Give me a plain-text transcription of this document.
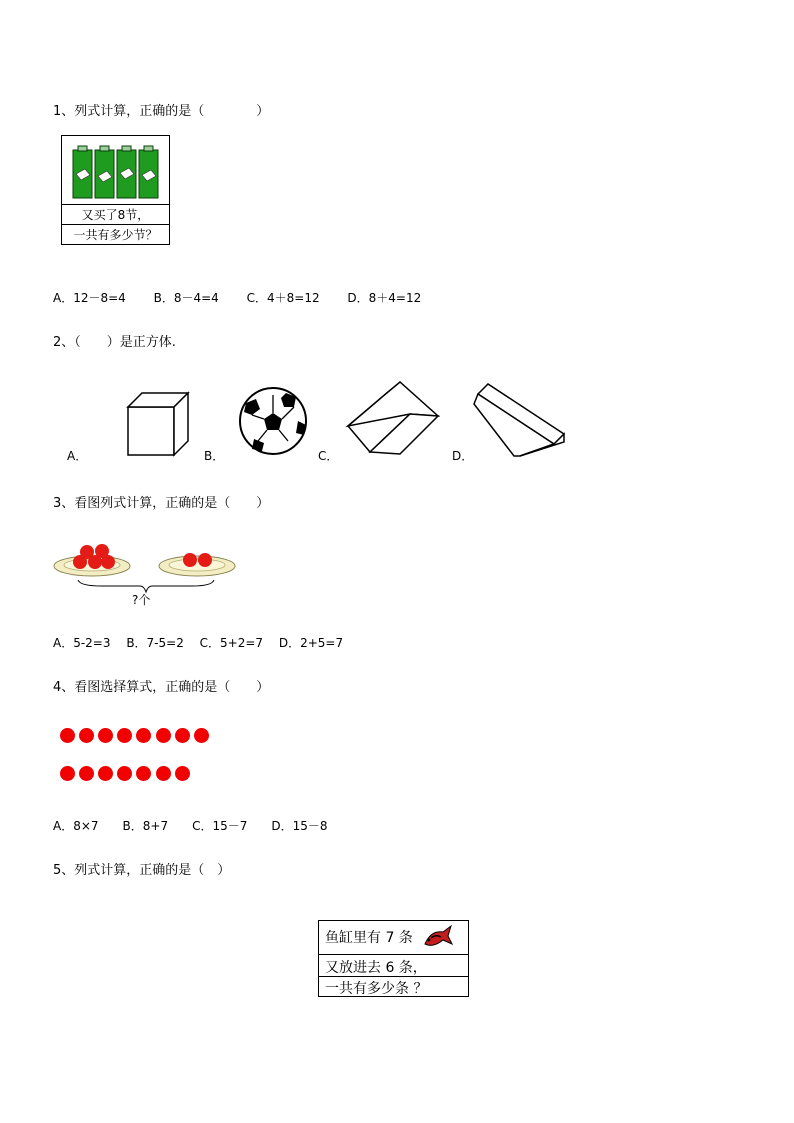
1、列式计算，正确的是（　　　　）
又买了8节，
一共有多少节？
A．12－8=4　　 B．8－4=4　　 C．4＋8=12　　 D．8＋4=12
2、（　　）是正方体.
A．	B．	C．	D．
3、看图列式计算，正确的是（　　）
?个
A．5-2=3　 B．7-5=2　 C．5+2=7　 D．2+5=7
4、看图选择算式，正确的是（　　）
A．8×7　　B．8+7　　C．15－7　　D．15－8
5、列式计算，正确的是（　）
鱼缸里有 7 条
又放进去 6 条，
一共有多少条 ？
